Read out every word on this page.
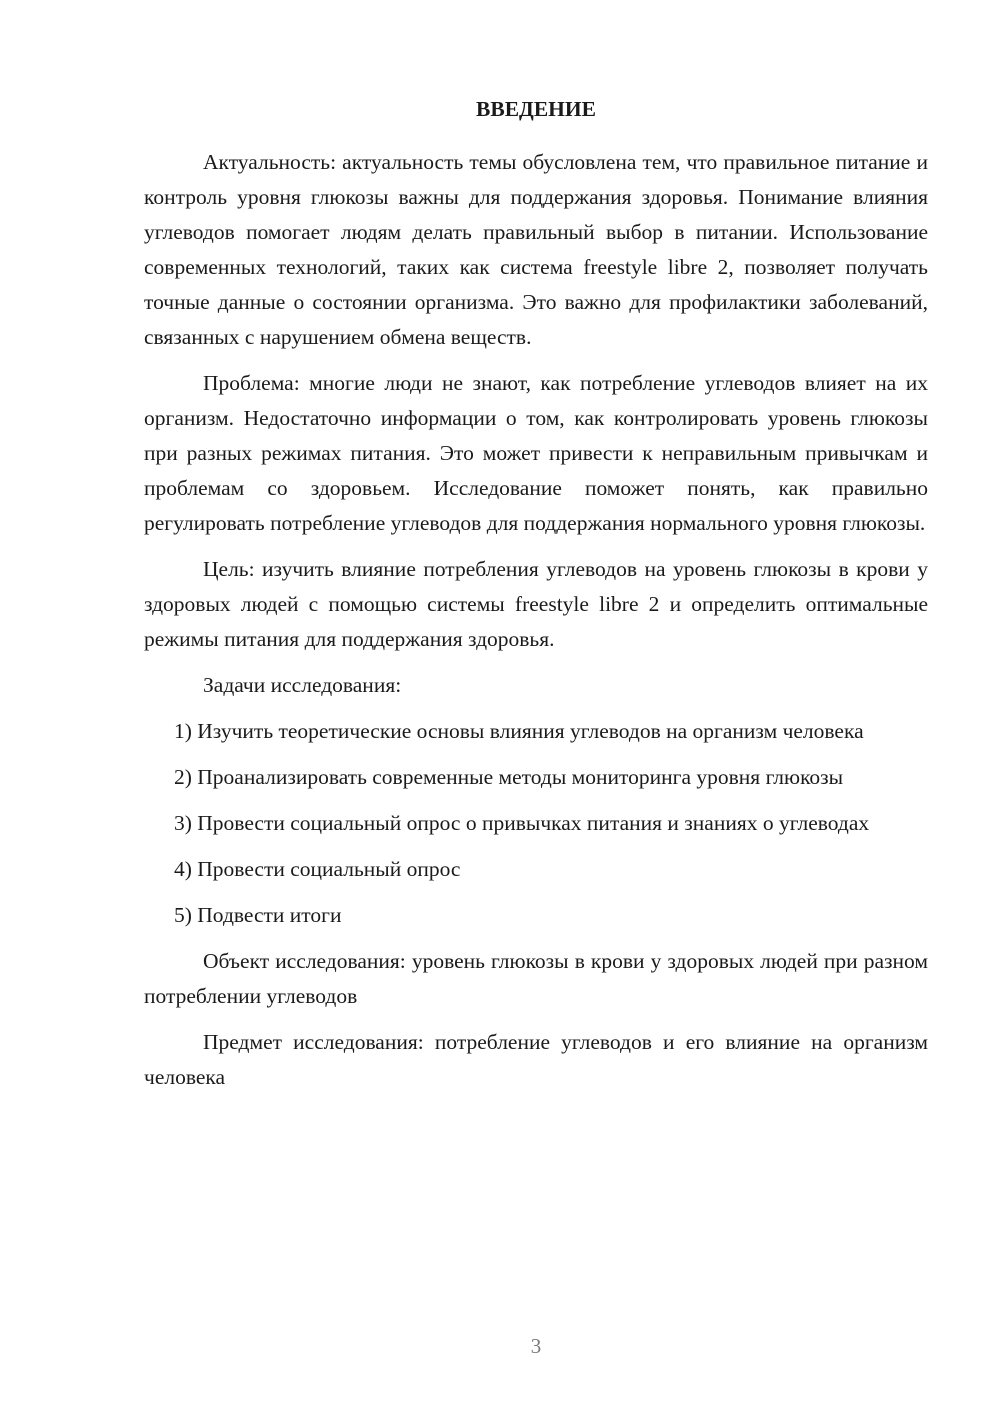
ВВЕДЕНИЕ

Актуальность: актуальность темы обусловлена тем, что правильное питание и контроль уровня глюкозы важны для поддержания здоровья. Понимание влияния углеводов помогает людям делать правильный выбор в питании. Использование современных технологий, таких как система freestyle libre 2, позволяет получать точные данные о состоянии организма. Это важно для профилактики заболеваний, связанных с нарушением обмена веществ.

Проблема: многие люди не знают, как потребление углеводов влияет на их организм. Недостаточно информации о том, как контролировать уровень глюкозы при разных режимах питания. Это может привести к неправильным привычкам и проблемам со здоровьем. Исследование поможет понять, как правильно регулировать потребление углеводов для поддержания нормального уровня глюкозы.

Цель: изучить влияние потребления углеводов на уровень глюкозы в крови у здоровых людей с помощью системы freestyle libre 2 и определить оптимальные режимы питания для поддержания здоровья.

Задачи исследования:

1) Изучить теоретические основы влияния углеводов на организм человека

2) Проанализировать современные методы мониторинга уровня глюкозы

3) Провести социальный опрос о привычках питания и знаниях о углеводах

4) Провести социальный опрос

5) Подвести итоги

Объект исследования: уровень глюкозы в крови у здоровых людей при разном потреблении углеводов

Предмет исследования: потребление углеводов и его влияние на организм человека

3
